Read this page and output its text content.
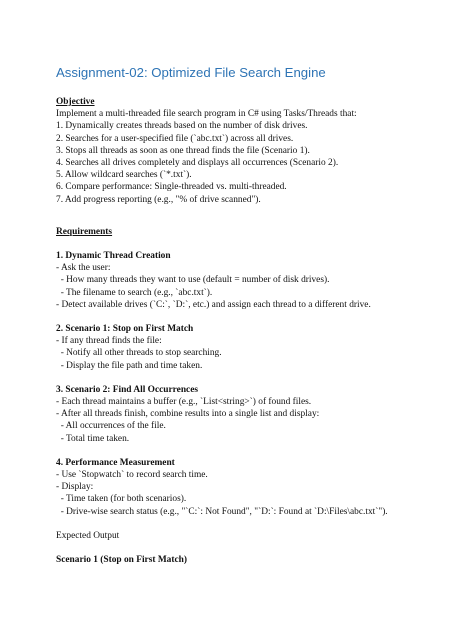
Assignment-02: Optimized File Search Engine
Objective
Implement a multi-threaded file search program in C# using Tasks/Threads that:
1. Dynamically creates threads based on the number of disk drives.
2. Searches for a user-specified file (`abc.txt`) across all drives.
3. Stops all threads as soon as one thread finds the file (Scenario 1).
4. Searches all drives completely and displays all occurrences (Scenario 2).
5. Allow wildcard searches (`*.txt`).
6. Compare performance: Single-threaded vs. multi-threaded.
7. Add progress reporting (e.g., "% of drive scanned").
Requirements
1. Dynamic Thread Creation
- Ask the user:
- How many threads they want to use (default = number of disk drives).
- The filename to search (e.g., `abc.txt`).
- Detect available drives (`C:`, `D:`, etc.) and assign each thread to a different drive.
2. Scenario 1: Stop on First Match
- If any thread finds the file:
- Notify all other threads to stop searching.
- Display the file path and time taken.
3. Scenario 2: Find All Occurrences
- Each thread maintains a buffer (e.g., `List<string>`) of found files.
- After all threads finish, combine results into a single list and display:
- All occurrences of the file.
- Total time taken.
4. Performance Measurement
- Use `Stopwatch` to record search time.
- Display:
- Time taken (for both scenarios).
- Drive-wise search status (e.g., "`C:`: Not Found", "`D:`: Found at `D:\Files\abc.txt`").
Expected Output
Scenario 1 (Stop on First Match)
